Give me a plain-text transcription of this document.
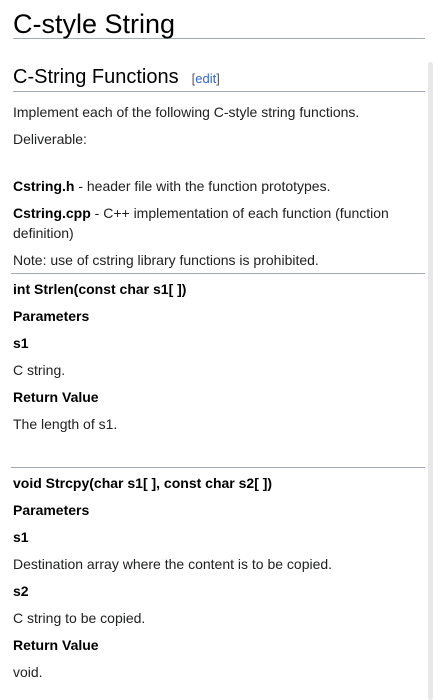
C-style String
C-String Functions [edit]

Implement each of the following C-style string functions.

Deliverable:

Cstring.h - header file with the function prototypes.

Cstring.cpp - C++ implementation of each function (function definition)

Note: use of cstring library functions is prohibited.

int Strlen(const char s1[ ])

Parameters

s1

C string.

Return Value

The length of s1.

void Strcpy(char s1[ ], const char s2[ ])

Parameters

s1

Destination array where the content is to be copied.

s2

C string to be copied.

Return Value

void.
